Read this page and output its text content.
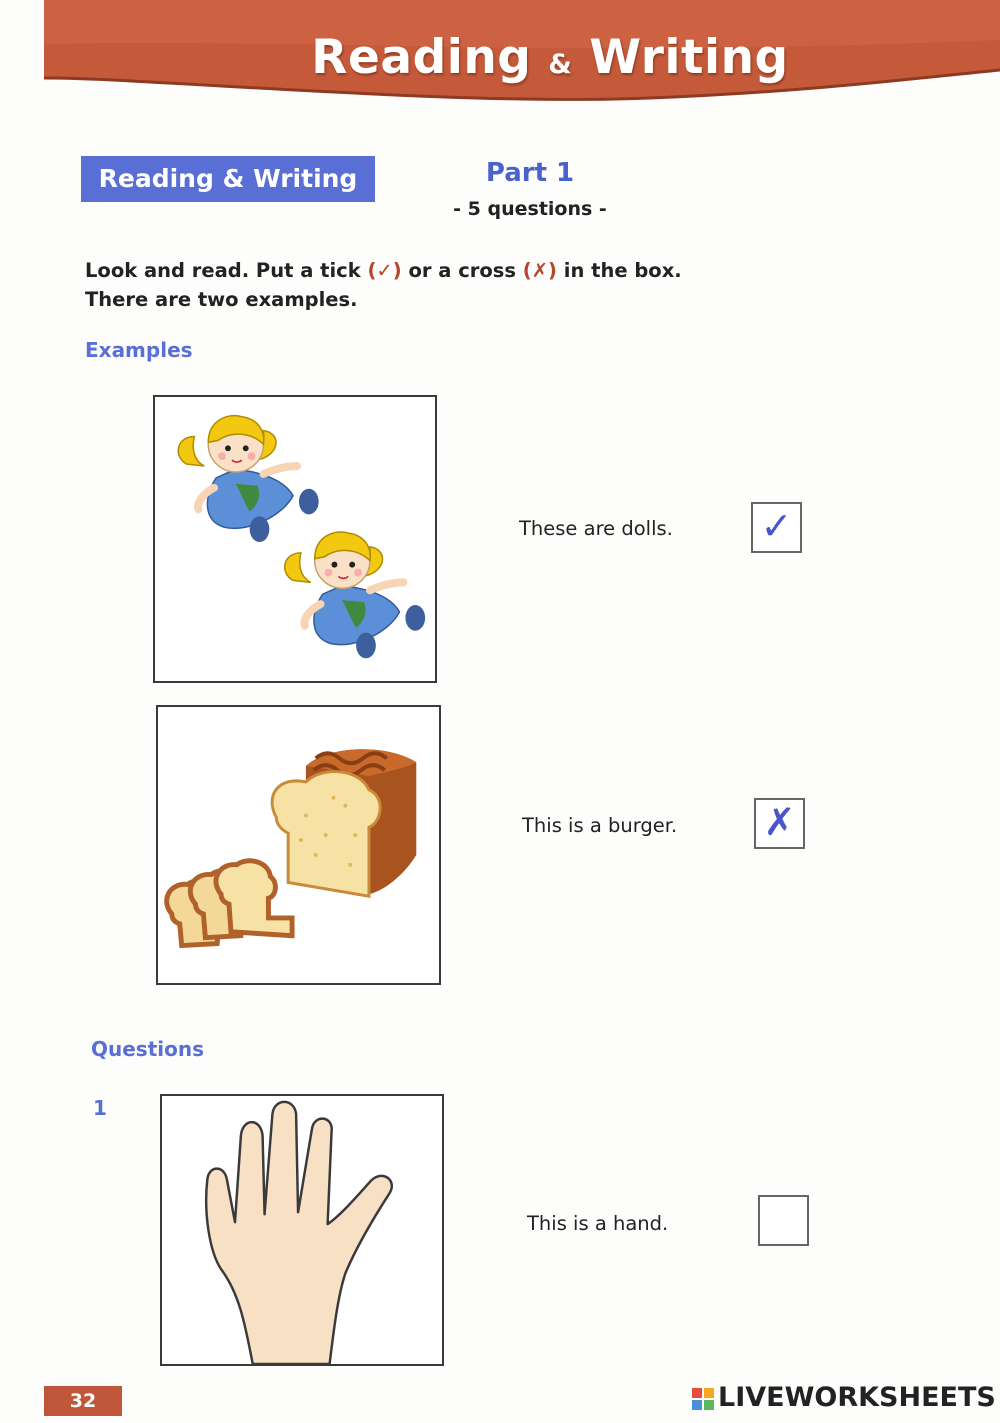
Reading & Writing
Reading & Writing	Part 1
- 5 questions -
Look and read. Put a tick (✓) or a cross (✗) in the box.
There are two examples.
Examples
These are dolls. ✓
This is a burger. ✗
Questions
1
This is a hand.
32	LIVEWORKSHEETS
